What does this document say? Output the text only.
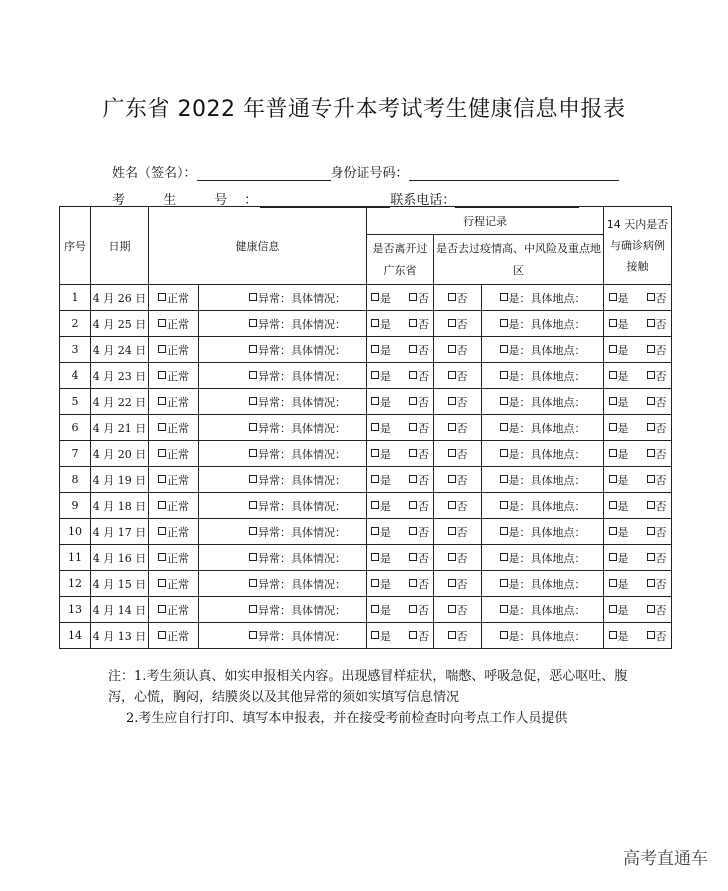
广东省 2022 年普通专升本考试考生健康信息申报表
姓名（签名）：	身份证号码：
考 生 号：	联系电话：
序号	日期	健康信息		行程记录			14 天内是否与确诊病例接触
				是否离开过广东省	是否去过疫情高、中风险及重点地区		
1	4 月 26 日	正常	异常：具体情况：	是 否	否	是：具体地点：	是 否
2	4 月 25 日	正常	异常：具体情况：	是 否	否	是：具体地点：	是 否
3	4 月 24 日	正常	异常：具体情况：	是 否	否	是：具体地点：	是 否
4	4 月 23 日	正常	异常：具体情况：	是 否	否	是：具体地点：	是 否
5	4 月 22 日	正常	异常：具体情况：	是 否	否	是：具体地点：	是 否
6	4 月 21 日	正常	异常：具体情况：	是 否	否	是：具体地点：	是 否
7	4 月 20 日	正常	异常：具体情况：	是 否	否	是：具体地点：	是 否
8	4 月 19 日	正常	异常：具体情况：	是 否	否	是：具体地点：	是 否
9	4 月 18 日	正常	异常：具体情况：	是 否	否	是：具体地点：	是 否
10	4 月 17 日	正常	异常：具体情况：	是 否	否	是：具体地点：	是 否
11	4 月 16 日	正常	异常：具体情况：	是 否	否	是：具体地点：	是 否
12	4 月 15 日	正常	异常：具体情况：	是 否	否	是：具体地点：	是 否
13	4 月 14 日	正常	异常：具体情况：	是 否	否	是：具体地点：	是 否
14	4 月 13 日	正常	异常：具体情况：	是 否	否	是：具体地点：	是 否

注：1.考生须认真、如实申报相关内容。出现感冒样症状，喘憋、呼吸急促，恶心呕吐、腹泻，心慌，胸闷，结膜炎以及其他异常的须如实填写信息情况

2.考生应自行打印、填写本申报表，并在接受考前检查时向考点工作人员提供

高考直通车
